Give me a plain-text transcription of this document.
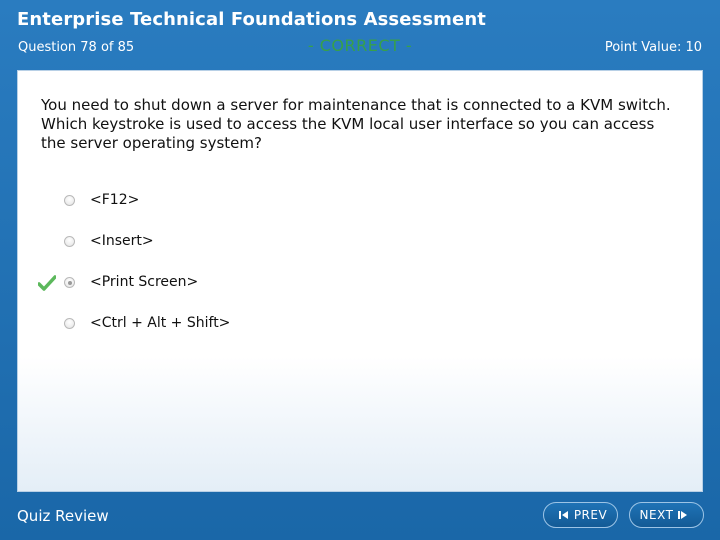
Enterprise Technical Foundations Assessment
Question 78 of 85	- CORRECT -	Point Value: 10
You need to shut down a server for maintenance that is connected to a KVM switch. Which keystroke is used to access the KVM local user interface so you can access the server operating system?
<F12>
<Insert>
<Print Screen>
<Ctrl + Alt + Shift>
Quiz Review	PREV	NEXT
